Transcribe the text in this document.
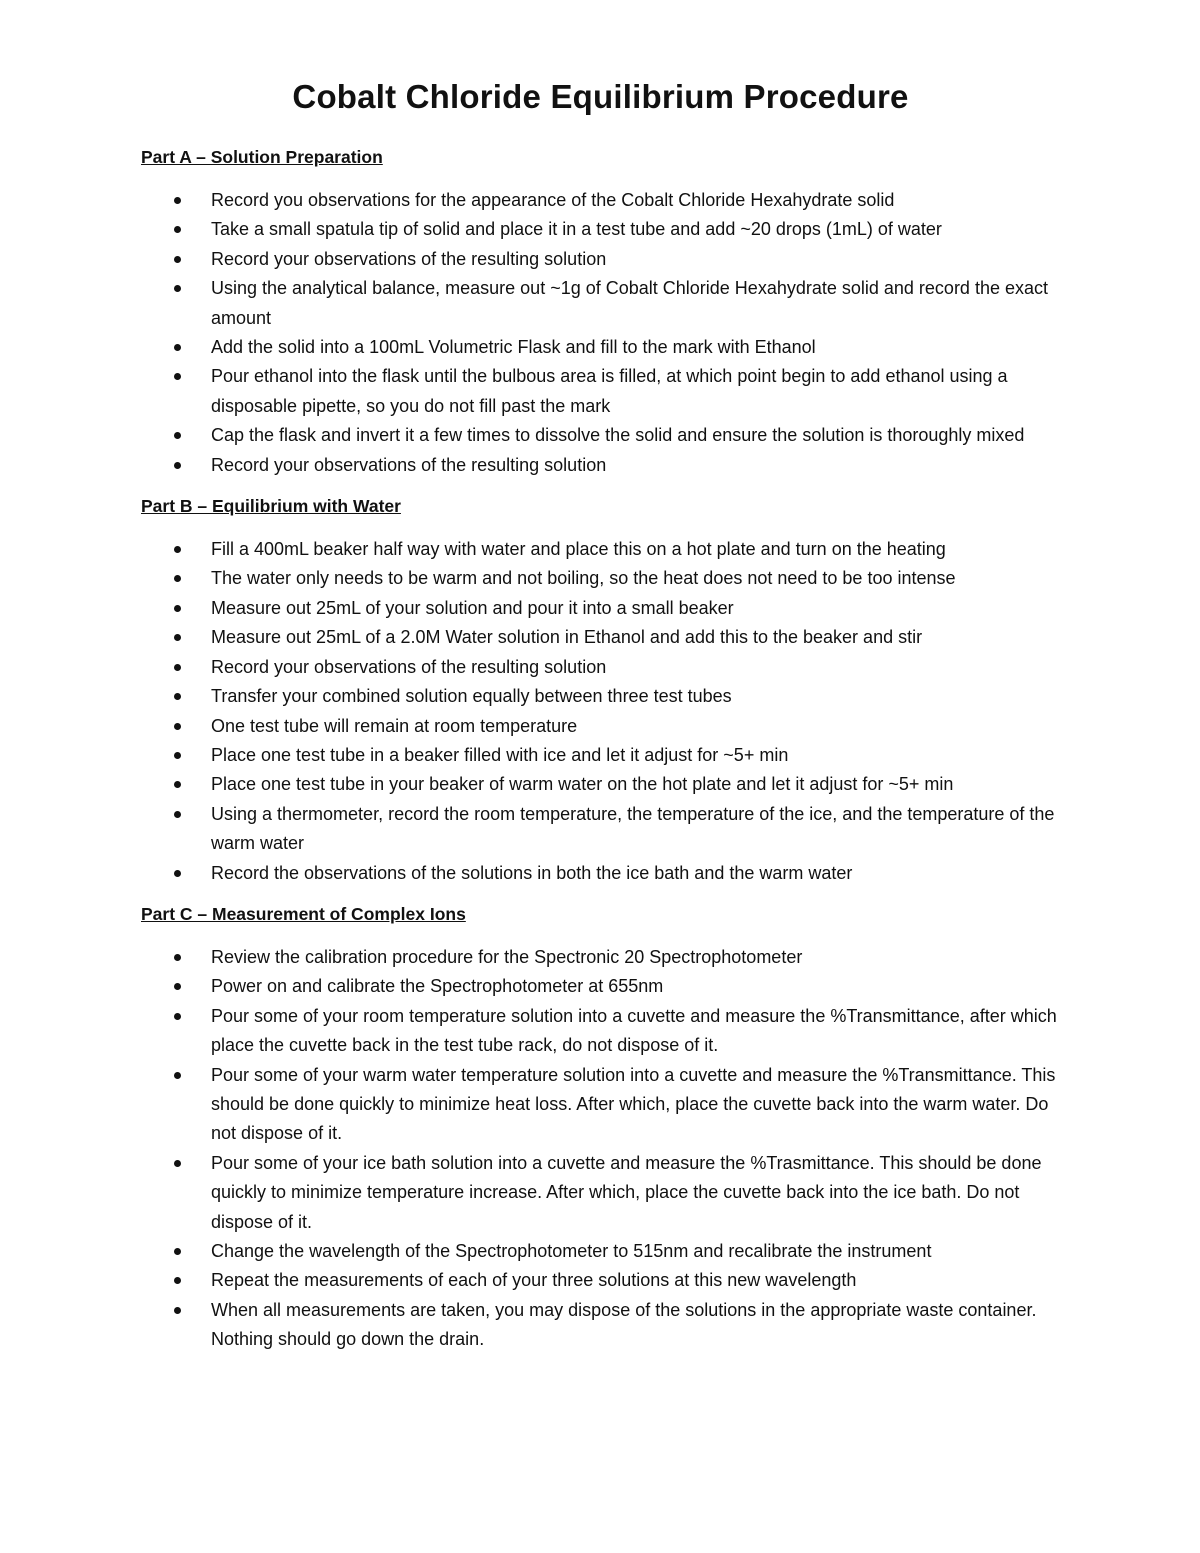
Cobalt Chloride Equilibrium Procedure
Part A – Solution Preparation
Record you observations for the appearance of the Cobalt Chloride Hexahydrate solid
Take a small spatula tip of solid and place it in a test tube and add ~20 drops (1mL) of water
Record your observations of the resulting solution
Using the analytical balance, measure out ~1g of Cobalt Chloride Hexahydrate solid and record the exact amount
Add the solid into a 100mL Volumetric Flask and fill to the mark with Ethanol
Pour ethanol into the flask until the bulbous area is filled, at which point begin to add ethanol using a disposable pipette, so you do not fill past the mark
Cap the flask and invert it a few times to dissolve the solid and ensure the solution is thoroughly mixed
Record your observations of the resulting solution
Part B – Equilibrium with Water
Fill a 400mL beaker half way with water and place this on a hot plate and turn on the heating
The water only needs to be warm and not boiling, so the heat does not need to be too intense
Measure out 25mL of your solution and pour it into a small beaker
Measure out 25mL of a 2.0M Water solution in Ethanol and add this to the beaker and stir
Record your observations of the resulting solution
Transfer your combined solution equally between three test tubes
One test tube will remain at room temperature
Place one test tube in a beaker filled with ice and let it adjust for ~5+ min
Place one test tube in your beaker of warm water on the hot plate and let it adjust for ~5+ min
Using a thermometer, record the room temperature, the temperature of the ice, and the temperature of the warm water
Record the observations of the solutions in both the ice bath and the warm water
Part C – Measurement of Complex Ions
Review the calibration procedure for the Spectronic 20 Spectrophotometer
Power on and calibrate the Spectrophotometer at 655nm
Pour some of your room temperature solution into a cuvette and measure the %Transmittance, after which place the cuvette back in the test tube rack, do not dispose of it.
Pour some of your warm water temperature solution into a cuvette and measure the %Transmittance. This should be done quickly to minimize heat loss. After which, place the cuvette back into the warm water. Do not dispose of it.
Pour some of your ice bath solution into a cuvette and measure the %Trasmittance. This should be done quickly to minimize temperature increase. After which, place the cuvette back into the ice bath. Do not dispose of it.
Change the wavelength of the Spectrophotometer to 515nm and recalibrate the instrument
Repeat the measurements of each of your three solutions at this new wavelength
When all measurements are taken, you may dispose of the solutions in the appropriate waste container. Nothing should go down the drain.
